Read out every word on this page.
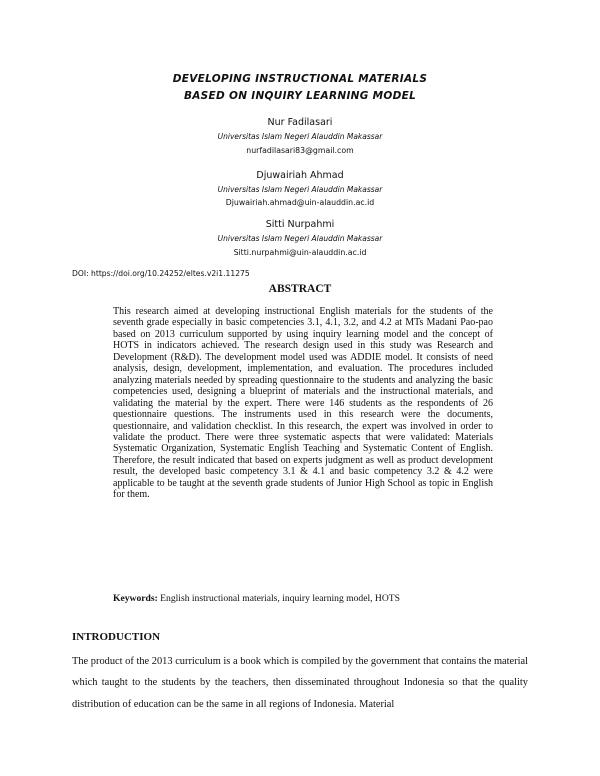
DEVELOPING INSTRUCTIONAL MATERIALS
BASED ON INQUIRY LEARNING MODEL
Nur Fadilasari
Universitas Islam Negeri Alauddin Makassar
nurfadilasari83@gmail.com
Djuwairiah Ahmad
Universitas Islam Negeri Alauddin Makassar
Djuwairiah.ahmad@uin-alauddin.ac.id
Sitti Nurpahmi
Universitas Islam Negeri Alauddin Makassar
Sitti.nurpahmi@uin-alauddin.ac.id
DOI: https://doi.org/10.24252/eltes.v2i1.11275
ABSTRACT
This research aimed at developing instructional English materials for the students of the seventh grade especially in basic competencies 3.1, 4.1, 3.2, and 4.2 at MTs Madani Pao-pao based on 2013 curriculum supported by using inquiry learning model and the concept of HOTS in indicators achieved. The research design used in this study was Research and Development (R&D). The development model used was ADDIE model. It consists of need analysis, design, development, implementation, and evaluation. The procedures included analyzing materials needed by spreading questionnaire to the students and analyzing the basic competencies used, designing a blueprint of materials and the instructional materials, and validating the material by the expert. There were 146 students as the respondents of 26 questionnaire questions. The instruments used in this research were the documents, questionnaire, and validation checklist. In this research, the expert was involved in order to validate the product. There were three systematic aspects that were validated: Materials Systematic Organization, Systematic English Teaching and Systematic Content of English. Therefore, the result indicated that based on experts judgment as well as product development result, the developed basic competency 3.1 & 4.1 and basic competency 3.2 & 4.2 were applicable to be taught at the seventh grade students of Junior High School as topic in English for them.
Keywords: English instructional materials, inquiry learning model, HOTS
INTRODUCTION
The product of the 2013 curriculum is a book which is compiled by the government that contains the material which taught to the students by the teachers, then disseminated throughout Indonesia so that the quality distribution of education can be the same in all regions of Indonesia. Material
